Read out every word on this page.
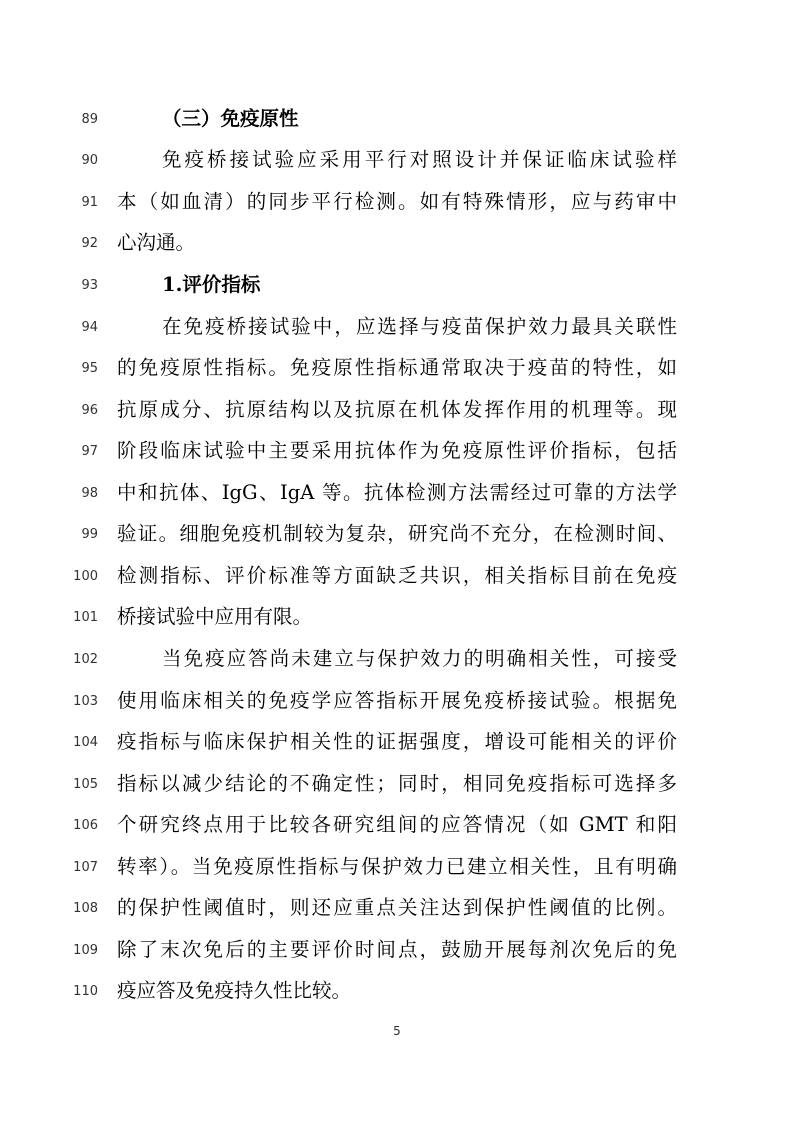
89	（三）免疫原性
90	免疫桥接试验应采用平行对照设计并保证临床试验样
91 本（如血清）的同步平行检测。如有特殊情形，应与药审中
92 心沟通。
93	1.评价指标
94	在免疫桥接试验中，应选择与疫苗保护效力最具关联性
95 的免疫原性指标。免疫原性指标通常取决于疫苗的特性，如
96 抗原成分、抗原结构以及抗原在机体发挥作用的机理等。现
97 阶段临床试验中主要采用抗体作为免疫原性评价指标，包括
98 中和抗体、IgG、IgA 等。抗体检测方法需经过可靠的方法学
99 验证。细胞免疫机制较为复杂，研究尚不充分，在检测时间、
100 检测指标、评价标准等方面缺乏共识，相关指标目前在免疫
101 桥接试验中应用有限。
102	当免疫应答尚未建立与保护效力的明确相关性，可接受
103 使用临床相关的免疫学应答指标开展免疫桥接试验。根据免
104 疫指标与临床保护相关性的证据强度，增设可能相关的评价
105 指标以减少结论的不确定性；同时，相同免疫指标可选择多
106 个研究终点用于比较各研究组间的应答情况（如 GMT 和阳
107 转率）。当免疫原性指标与保护效力已建立相关性，且有明确
108 的保护性阈值时，则还应重点关注达到保护性阈值的比例。
109 除了末次免后的主要评价时间点，鼓励开展每剂次免后的免
110 疫应答及免疫持久性比较。
5
